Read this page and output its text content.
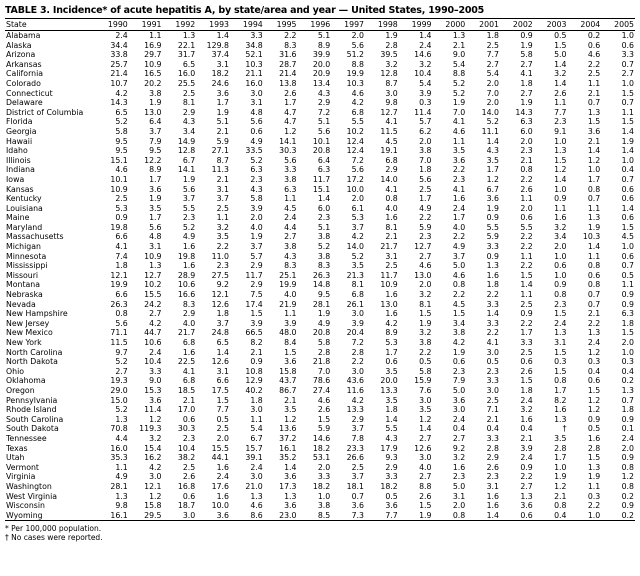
TABLE 3. Incidence* of acute hepatitis A, by state/area and year — United States, 1990–2005
State	1990	1991	1992	1993	1994	1995	1996	1997	1998	1999	2000	2001	2002	2003	2004	2005
Alabama	2.4	1.1	1.3	1.4	3.3	2.2	5.1	2.0	1.9	1.4	1.3	1.8	0.9	0.5	0.2	1.0
Alaska	34.4	16.9	22.1	129.8	34.8	8.3	8.9	5.6	2.8	2.4	2.1	2.5	1.9	1.5	0.6	0.6
Arizona	33.8	29.7	31.7	37.4	52.1	31.6	39.9	51.2	39.5	14.6	9.0	7.7	5.8	5.0	4.6	3.3
Arkansas	25.7	10.9	6.5	3.1	10.3	28.7	20.0	8.8	3.2	3.2	5.4	2.7	2.7	1.4	2.2	0.7
California	21.4	16.5	16.0	18.2	21.1	21.4	20.9	19.9	12.8	10.4	8.8	5.4	4.1	3.2	2.5	2.7
Colorado	10.7	20.2	25.5	24.6	16.0	13.8	13.4	10.3	8.7	5.4	5.2	2.0	1.8	1.4	1.1	1.0
Connecticut	4.2	3.8	2.5	3.6	3.0	2.6	4.3	4.6	3.0	3.9	5.2	7.0	2.7	2.6	2.1	1.5
Delaware	14.3	1.9	8.1	1.7	3.1	1.7	2.9	4.2	9.8	0.3	1.9	2.0	1.9	1.1	0.7	0.7
District of Columbia	6.5	13.0	2.9	1.9	4.8	4.7	7.2	6.8	12.7	11.4	7.0	14.0	14.3	7.7	1.3	1.1
Florida	5.2	6.4	4.3	5.1	5.6	4.7	5.1	5.5	4.1	5.7	4.1	5.2	6.3	2.3	1.5	1.5
Georgia	5.8	3.7	3.4	2.1	0.6	1.2	5.6	10.2	11.5	6.2	4.6	11.1	6.0	9.1	3.6	1.4
Hawaii	9.5	7.9	14.9	5.9	4.9	14.1	10.1	12.4	4.5	2.0	1.1	1.4	2.0	1.0	2.1	1.9
Idaho	9.5	9.5	12.8	27.1	33.5	30.3	20.8	12.4	19.1	3.8	3.5	4.3	2.3	1.3	1.4	1.4
Illinois	15.1	12.2	6.7	8.7	5.2	5.6	6.4	7.2	6.8	7.0	3.6	3.5	2.1	1.5	1.2	1.0
Indiana	4.6	8.9	14.1	11.3	6.3	3.3	6.3	5.6	2.9	1.8	2.2	1.7	0.8	1.2	1.0	0.4
Iowa	10.1	1.7	1.9	2.1	2.3	3.8	11.7	17.2	14.0	5.6	2.3	1.2	2.2	1.4	1.7	0.7
Kansas	10.9	3.6	5.6	3.1	4.3	6.3	15.1	10.0	4.1	2.5	4.1	6.7	2.6	1.0	0.8	0.6
Kentucky	2.5	1.9	3.7	3.7	5.8	1.1	1.4	2.0	0.8	1.7	1.6	3.6	1.1	0.9	0.7	0.6
Louisiana	5.3	3.5	5.5	2.5	3.9	4.5	6.0	6.1	4.0	4.9	2.4	1.9	2.0	1.1	1.1	1.4
Maine	0.9	1.7	2.3	1.1	2.0	2.4	2.3	5.3	1.6	2.2	1.7	0.9	0.6	1.6	1.3	0.6
Maryland	19.8	5.6	5.2	3.2	4.0	4.4	5.1	3.7	8.1	5.9	4.0	5.5	5.5	3.2	1.9	1.5
Massachusetts	6.6	4.8	4.9	3.5	1.9	2.7	3.8	4.2	2.1	2.3	2.2	5.9	2.2	3.4	10.3	4.5
Michigan	4.1	3.1	1.6	2.2	3.7	3.8	5.2	14.0	21.7	12.7	4.9	3.3	2.2	2.0	1.4	1.0
Minnesota	7.4	10.9	19.8	11.0	5.7	4.3	3.8	5.2	3.1	2.7	3.7	0.9	1.1	1.0	1.1	0.6
Mississippi	1.8	1.3	1.6	2.3	2.9	8.3	8.3	3.5	2.5	4.6	5.0	1.3	2.2	0.6	0.8	0.7
Missouri	12.1	12.7	28.9	27.5	11.7	25.1	26.3	21.3	11.7	13.0	4.6	1.6	1.5	1.0	0.6	0.5
Montana	19.9	10.2	10.6	9.2	2.9	19.9	14.8	8.1	10.9	2.0	0.8	1.8	1.4	0.9	0.8	1.1
Nebraska	6.6	15.5	16.6	12.1	7.5	4.0	9.5	6.8	1.6	3.2	2.2	2.2	1.1	0.8	0.7	0.9
Nevada	26.3	24.2	8.3	12.6	17.4	21.9	28.1	26.1	13.0	8.1	4.5	3.3	2.5	2.3	0.7	0.9
New Hampshire	0.8	2.7	2.9	1.8	1.5	1.1	1.9	3.0	1.6	1.5	1.5	1.4	0.9	1.5	2.1	6.3
New Jersey	5.6	4.2	4.0	3.7	3.9	3.9	4.9	3.9	4.2	1.9	3.4	3.3	2.2	2.4	2.2	1.8
New Mexico	71.1	44.7	21.7	24.8	66.5	48.0	20.8	20.4	8.9	3.2	3.8	2.2	1.7	1.3	1.3	1.5
New York	11.5	10.6	6.8	6.5	8.2	8.4	5.8	7.2	5.3	3.8	4.2	4.1	3.3	3.1	2.4	2.0
North Carolina	9.7	2.4	1.6	1.4	2.1	1.5	2.8	2.8	1.7	2.2	1.9	3.0	2.5	1.5	1.2	1.0
North Dakota	5.2	10.4	22.5	12.6	0.9	3.6	21.8	2.2	0.6	0.5	0.6	0.5	0.6	0.3	0.3	0.3
Ohio	2.7	3.3	4.1	3.1	10.8	15.8	7.0	3.0	3.5	5.8	2.3	2.3	2.6	1.5	0.4	0.4
Oklahoma	19.3	9.0	6.8	6.6	12.9	43.7	78.6	43.6	20.0	15.9	7.9	3.3	1.5	0.8	0.6	0.2
Oregon	29.0	15.3	18.5	17.5	40.2	86.7	27.4	11.6	13.3	7.6	5.0	3.0	1.8	1.7	1.5	1.3
Pennsylvania	15.0	3.6	2.1	1.5	1.8	2.1	4.6	4.2	3.5	3.0	3.6	2.5	2.4	8.2	1.2	0.7
Rhode Island	5.2	11.4	17.0	7.7	3.0	3.5	2.6	13.3	1.8	3.5	3.0	7.1	3.2	1.6	1.2	1.8
South Carolina	1.3	1.2	0.6	0.5	1.1	1.2	1.5	2.9	1.4	1.2	2.4	2.1	1.6	1.3	0.9	0.9
South Dakota	70.8	119.3	30.3	2.5	5.4	13.6	5.9	3.7	5.5	1.4	0.4	0.4	0.4	†	0.5	0.1
Tennessee	4.4	3.2	2.3	2.0	6.7	37.2	14.6	7.8	4.3	2.7	2.7	3.3	2.1	3.5	1.6	2.4
Texas	16.0	15.4	10.4	15.5	15.7	16.1	18.2	23.3	17.9	12.6	9.2	2.8	3.9	2.8	2.8	2.0
Utah	35.3	16.2	38.2	44.1	39.1	35.2	53.1	26.6	9.3	3.0	3.2	2.9	2.4	1.7	1.5	0.9
Vermont	1.1	4.2	2.5	1.6	2.4	1.4	2.0	2.5	2.9	4.0	1.6	2.6	0.9	1.0	1.3	0.8
Virginia	4.9	3.0	2.6	2.4	3.0	3.6	3.3	3.7	3.3	2.7	2.3	2.3	2.2	1.9	1.9	1.2
Washington	28.1	12.1	16.8	17.6	21.0	17.3	18.2	18.1	18.2	8.8	5.0	3.1	2.7	1.2	1.1	0.8
West Virginia	1.3	1.2	0.6	1.6	1.3	1.3	1.0	0.7	0.5	2.6	3.1	1.6	1.3	2.1	0.3	0.2
Wisconsin	9.8	15.8	18.7	10.0	4.6	3.6	3.8	3.6	3.6	1.5	2.0	1.6	3.6	0.8	2.2	0.9
Wyoming	16.1	29.5	3.0	3.6	8.6	23.0	8.5	7.3	7.7	1.9	0.8	1.4	0.6	0.4	1.0	0.2
* Per 100,000 population.
† No cases were reported.
